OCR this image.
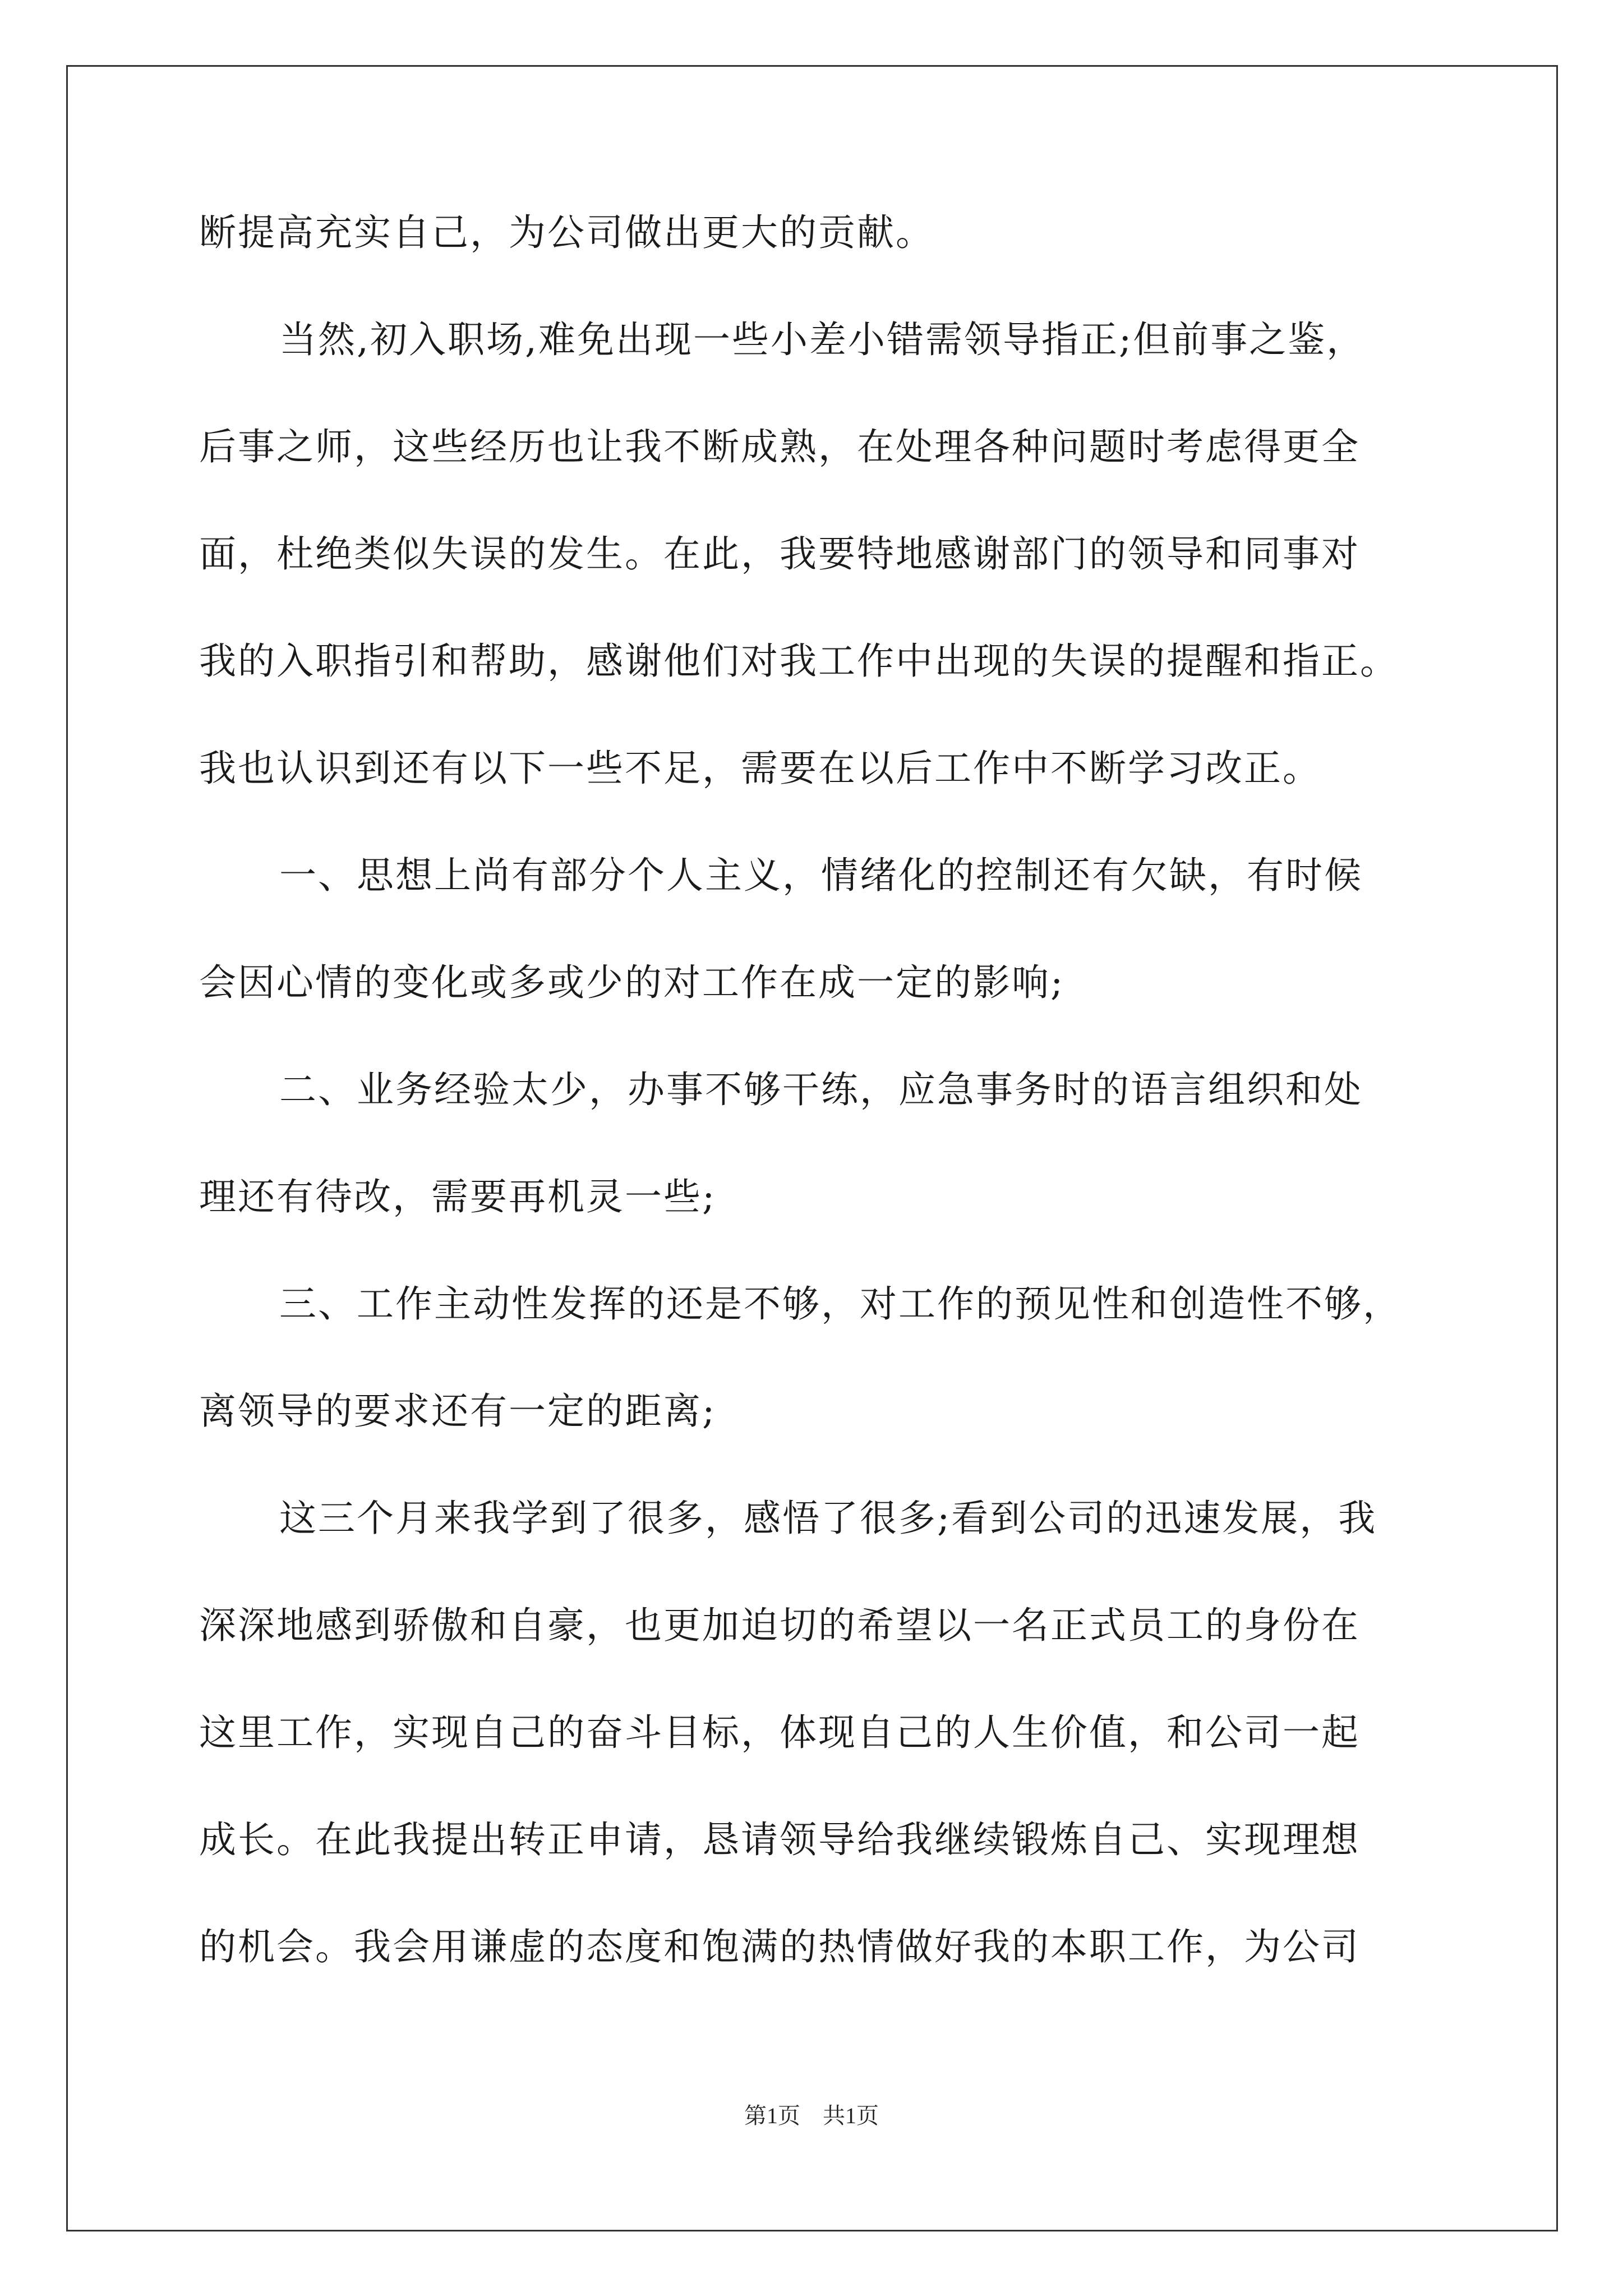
断提高充实自己，为公司做出更大的贡献。
当然,初入职场,难免出现一些小差小错需领导指正;但前事之鉴，
后事之师，这些经历也让我不断成熟，在处理各种问题时考虑得更全
面，杜绝类似失误的发生。在此，我要特地感谢部门的领导和同事对
我的入职指引和帮助，感谢他们对我工作中出现的失误的提醒和指正。
我也认识到还有以下一些不足，需要在以后工作中不断学习改正。
一、思想上尚有部分个人主义，情绪化的控制还有欠缺，有时候
会因心情的变化或多或少的对工作在成一定的影响;
二、业务经验太少，办事不够干练，应急事务时的语言组织和处
理还有待改，需要再机灵一些;
三、工作主动性发挥的还是不够，对工作的预见性和创造性不够，
离领导的要求还有一定的距离;
这三个月来我学到了很多，感悟了很多;看到公司的迅速发展，我
深深地感到骄傲和自豪，也更加迫切的希望以一名正式员工的身份在
这里工作，实现自己的奋斗目标，体现自己的人生价值，和公司一起
成长。在此我提出转正申请，恳请领导给我继续锻炼自己、实现理想
的机会。我会用谦虚的态度和饱满的热情做好我的本职工作，为公司
第1页 共1页
